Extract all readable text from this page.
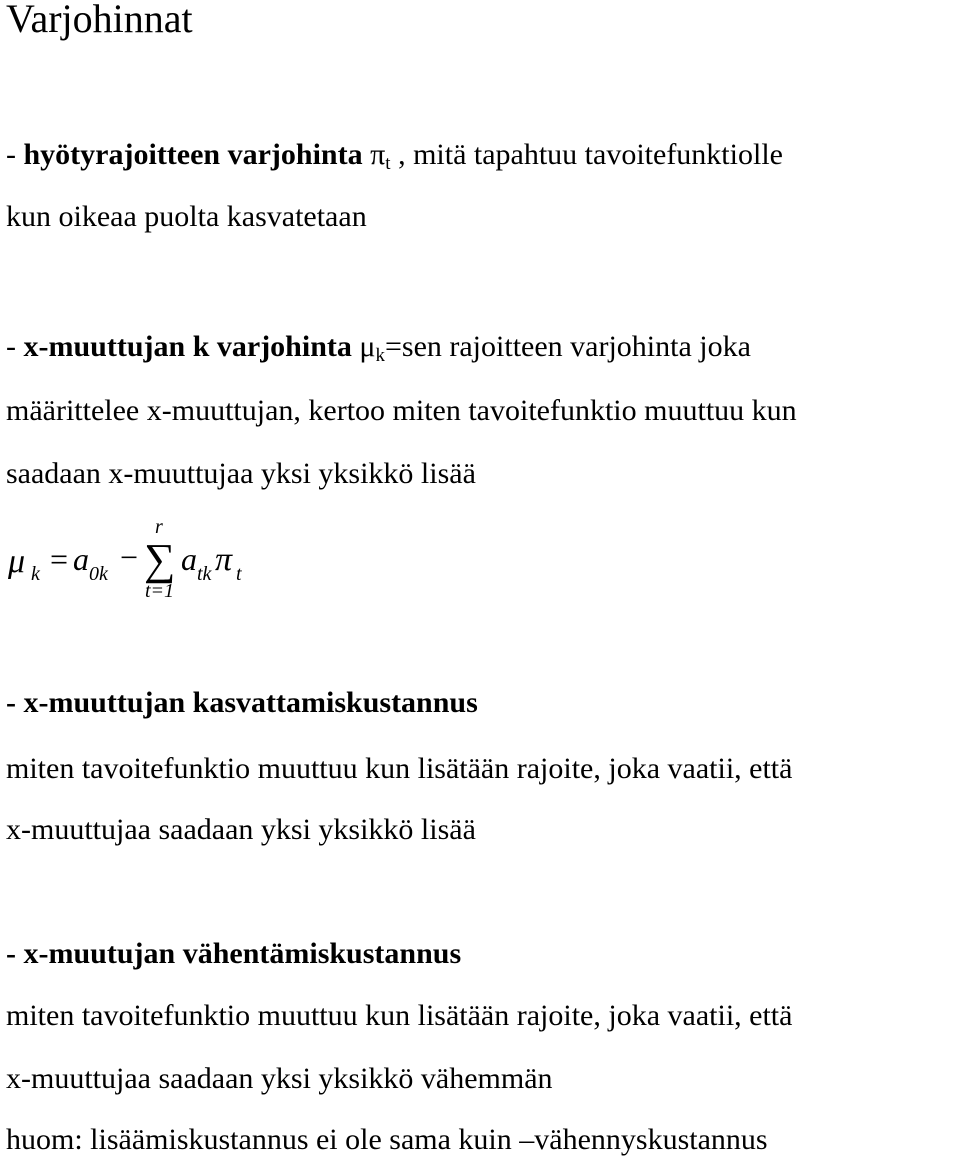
Varjohinnat
- hyötyrajoitteen varjohinta $\pi_t$ , mitä tapahtuu tavoitefunktiolle
kun oikeaa puolta kasvatetaan
- x-muuttujan k varjohinta $\mu_k=sen$ rajoitteen varjohinta joka
määrittelee x-muuttujan, kertoo miten tavoitefunktio muuttuu kun
saadaan x-muuttujaa yksi yksikkö lisää
μ k = a 0k −
r
∑
t=1
a tk π t
- x-muuttujan kasvattamiskustannus
miten tavoitefunktio muuttuu kun lisätään rajoite, joka vaatii, että
x-muuttujaa saadaan yksi yksikkö lisää
- x-muutujan vähentämiskustannus
miten tavoitefunktio muuttuu kun lisätään rajoite, joka vaatii, että
x-muuttujaa saadaan yksi yksikkö vähemmän
huom: lisäämiskustannus ei ole sama kuin –vähennyskustannus
